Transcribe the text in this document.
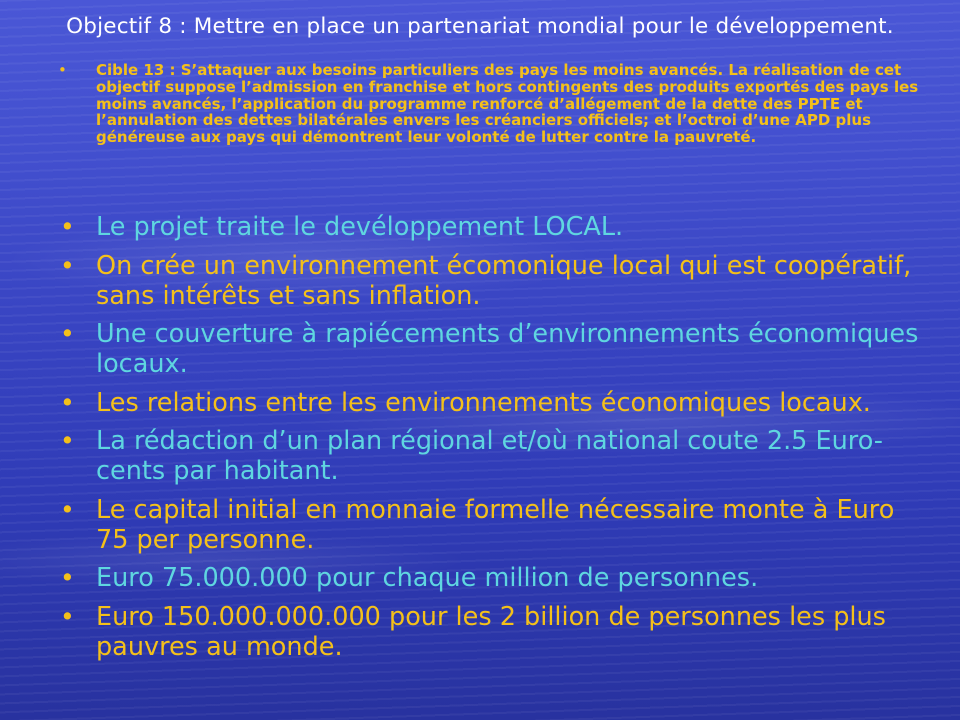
Objectif 8 : Mettre en place un partenariat mondial pour le développement.
• Cible 13 : S’attaquer aux besoins particuliers des pays les moins avancés. La réalisation de cet objectif suppose l’admission en franchise et hors contingents des produits exportés des pays les moins avancés, l’application du programme renforcé d’allégement de la dette des PPTE et l’annulation des dettes bilatérales envers les créanciers officiels; et l’octroi d’une APD plus généreuse aux pays qui démontrent leur volonté de lutter contre la pauvreté.
• Le projet traite le devéloppement LOCAL.
• On crée un environnement écomonique local qui est coopératif, sans intérêts et sans inflation.
• Une couverture à rapiécements d’environnements économiques locaux.
• Les relations entre les environnements économiques locaux.
• La rédaction d’un plan régional et/où national coute 2.5 Euro-cents par habitant.
• Le capital initial en monnaie formelle nécessaire monte à Euro 75 per personne.
• Euro 75.000.000 pour chaque million de personnes.
• Euro 150.000.000.000 pour les 2 billion de personnes les plus pauvres au monde.
